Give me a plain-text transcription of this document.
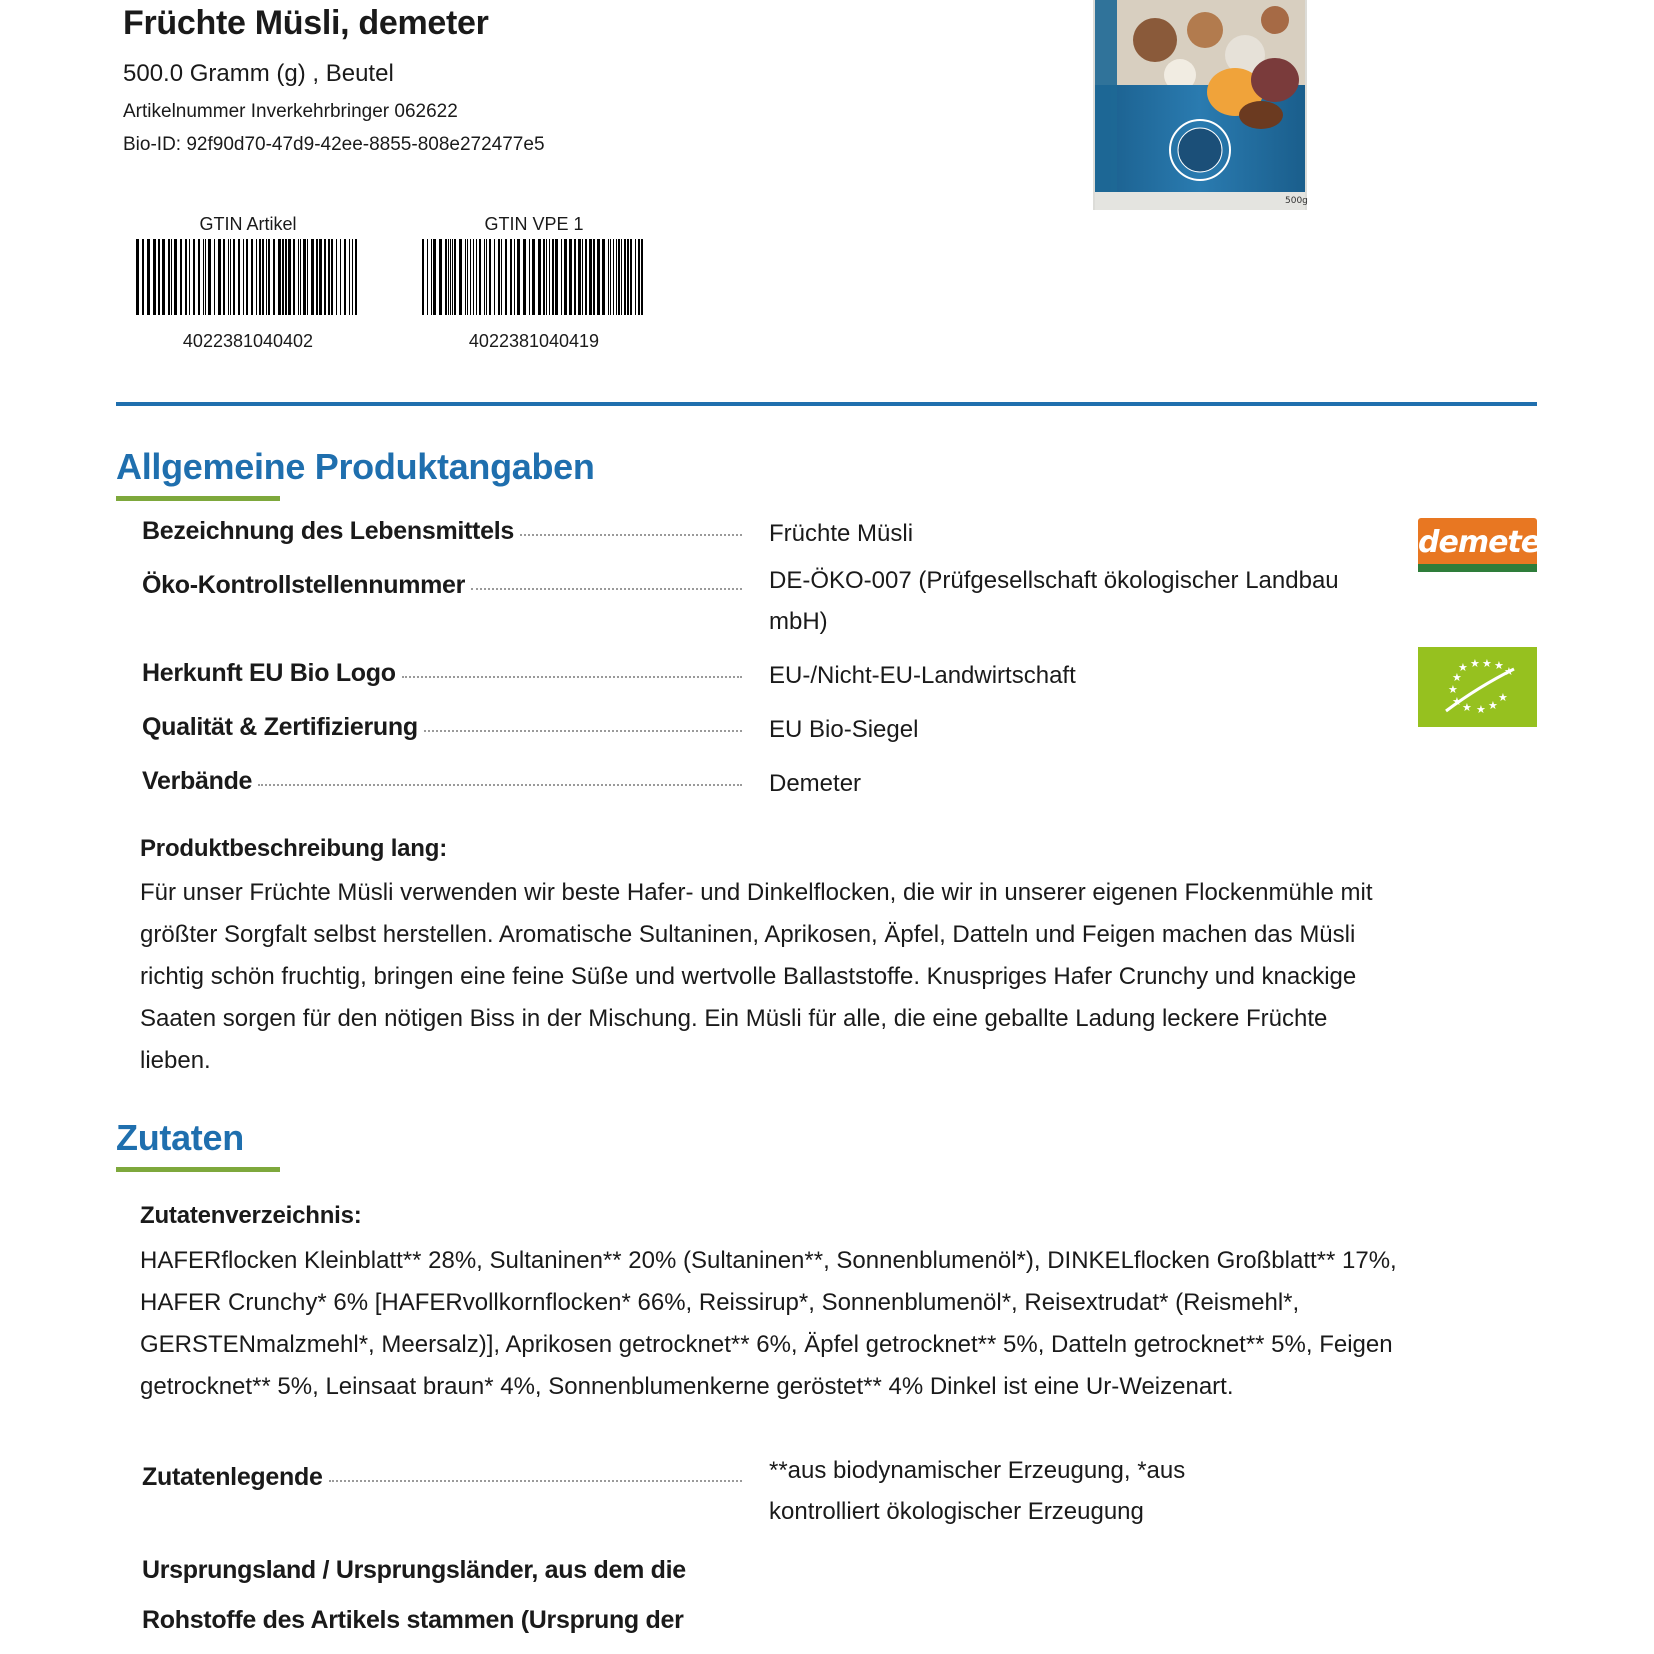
Früchte Müsli, demeter
500.0 Gramm (g) , Beutel
Artikelnummer Inverkehrbringer 062622
Bio-ID: 92f90d70-47d9-42ee-8855-808e272477e5
GTIN Artikel
4022381040402
GTIN VPE 1
4022381040419
500g
Allgemeine Produktangaben
Bezeichnung des Lebensmittels	Früchte Müsli
Öko-Kontrollstellennummer	DE-ÖKO-007 (Prüfgesellschaft ökologischer Landbau mbH)
Herkunft EU Bio Logo	EU-/Nicht-EU-Landwirtschaft
Qualität & Zertifizierung	EU Bio-Siegel
Verbände	Demeter
demeter
★ ★ ★ ★ ★
★
★
★ ★ ★ ★
★
Produktbeschreibung lang:
Für unser Früchte Müsli verwenden wir beste Hafer- und Dinkelflocken, die wir in unserer eigenen Flockenmühle mit größter Sorgfalt selbst herstellen. Aromatische Sultaninen, Aprikosen, Äpfel, Datteln und Feigen machen das Müsli richtig schön fruchtig, bringen eine feine Süße und wertvolle Ballaststoffe. Knuspriges Hafer Crunchy und knackige Saaten sorgen für den nötigen Biss in der Mischung. Ein Müsli für alle, die eine geballte Ladung leckere Früchte lieben.
Zutaten
Zutatenverzeichnis:
HAFERflocken Kleinblatt** 28%, Sultaninen** 20% (Sultaninen**, Sonnenblumenöl*), DINKELflocken Großblatt** 17%, HAFER Crunchy* 6% [HAFERvollkornflocken* 66%, Reissirup*, Sonnenblumenöl*, Reisextrudat* (Reismehl*, GERSTENmalzmehl*, Meersalz)], Aprikosen getrocknet** 6%, Äpfel getrocknet** 5%, Datteln getrocknet** 5%, Feigen getrocknet** 5%, Leinsaat braun* 4%, Sonnenblumenkerne geröstet** 4% Dinkel ist eine Ur-Weizenart.
Zutatenlegende	**aus biodynamischer Erzeugung, *aus kontrolliert ökologischer Erzeugung
Ursprungsland / Ursprungsländer, aus dem die Rohstoffe des Artikels stammen (Ursprung der
